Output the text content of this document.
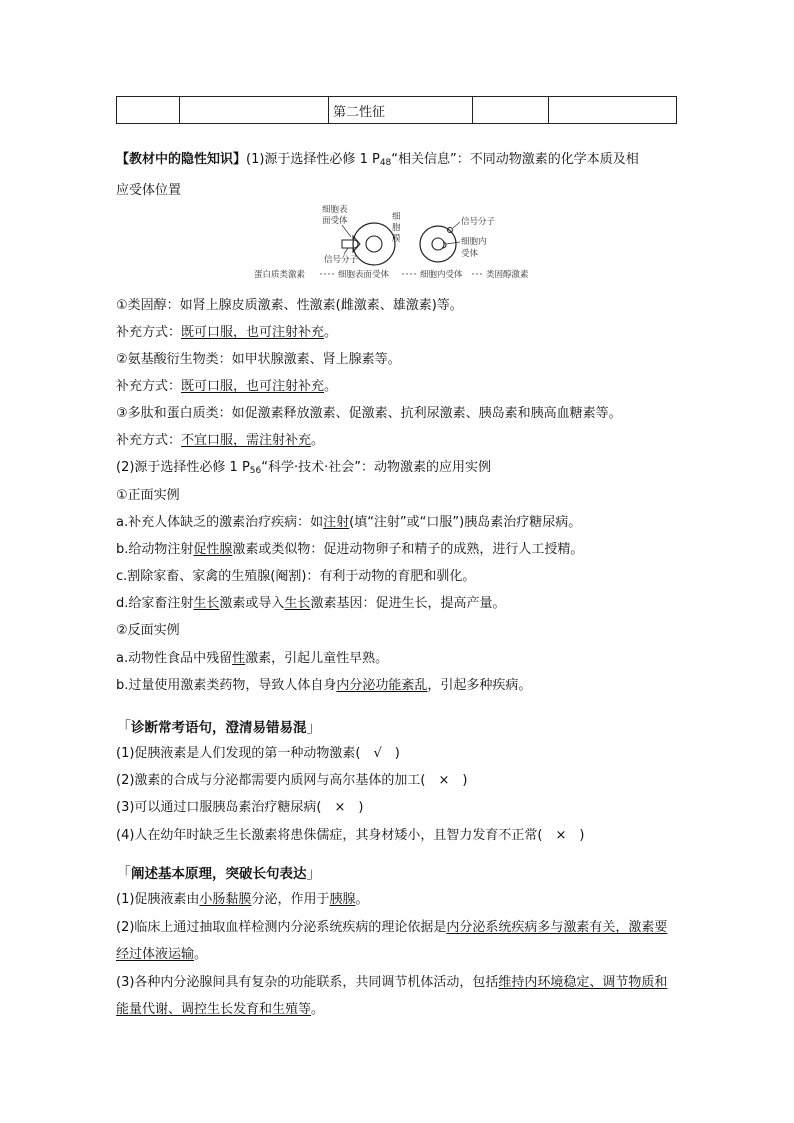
		第二性征		
【教材中的隐性知识】(1)源于选择性必修 1 $P_{48}“$相关信息”：不同动物激素的化学本质及相
应受体位置
细胞表
面受体	细
胞
膜
信号分子
信号分子
细胞内
受体
蛋白质类激素	细胞表面受体	细胞内受体	类固醇激素
①类固醇：如肾上腺皮质激素、性激素(雌激素、雄激素)等。
补充方式：既可口服，也可注射补充。
②氨基酸衍生物类：如甲状腺激素、肾上腺素等。
补充方式：既可口服，也可注射补充。
③多肽和蛋白质类：如促激素释放激素、促激素、抗利尿激素、胰岛素和胰高血糖素等。
补充方式：不宜口服，需注射补充。
(2)源于选择性必修 1 $P_{56}“$科学·技术·社会”：动物激素的应用实例
①正面实例
a.补充人体缺乏的激素治疗疾病：如注射(填“注射”或“口服”)胰岛素治疗糖尿病。
b.给动物注射促性腺激素或类似物：促进动物卵子和精子的成熟，进行人工授精。
c.割除家畜、家禽的生殖腺(阉割)：有利于动物的育肥和驯化。
d.给家畜注射生长激素或导入生长激素基因：促进生长，提高产量。
②反面实例
a.动物性食品中残留性激素，引起儿童性早熟。
b.过量使用激素类药物，导致人体自身内分泌功能紊乱，引起多种疾病。
「诊断常考语句，澄清易错易混」
(1)促胰液素是人们发现的第一种动物激素(　√　)
(2)激素的合成与分泌都需要内质网与高尔基体的加工(　×　)
(3)可以通过口服胰岛素治疗糖尿病(　×　)
(4)人在幼年时缺乏生长激素将患侏儒症，其身材矮小，且智力发育不正常(　×　)
「阐述基本原理，突破长句表达」
(1)促胰液素由小肠黏膜分泌，作用于胰腺。
(2)临床上通过抽取血样检测内分泌系统疾病的理论依据是内分泌系统疾病多与激素有关，激素要经过体液运输。
(3)各种内分泌腺间具有复杂的功能联系，共同调节机体活动，包括维持内环境稳定、调节物质和能量代谢、调控生长发育和生殖等。
